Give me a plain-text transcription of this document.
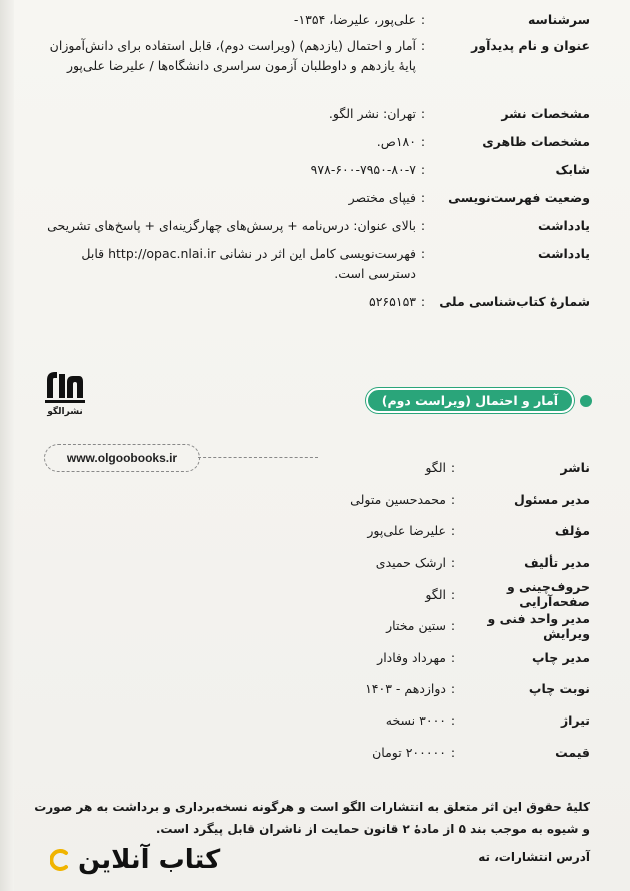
سرشناسه
:
علی‌پور، علیرضا، ۱۳۵۴-
عنوان و نام پدیدآور
:
آمار و احتمال (یازدهم) (ویراست دوم)، قابل استفاده برای دانش‌آموزان پایهٔ یازدهم و داوطلبان آزمون سراسری دانشگاه‌ها / علیرضا علی‌پور
مشخصات نشر
:
تهران: نشر الگو.
مشخصات ظاهری
:
۱۸۰ص.
شابک
:
۹۷۸-۶۰۰-۷۹۵۰-۸۰-۷
وضعیت فهرست‌نویسی
:
فیپای مختصر
یادداشت
:
بالای عنوان: درس‌نامه + پرسش‌های چهارگزینه‌ای + پاسخ‌های تشریحی
یادداشت
:
فهرست‌نویسی کامل این اثر در نشانی http://opac.nlai.ir قابل دسترسی است.
شمارهٔ کتاب‌شناسی ملی
:
۵۲۶۵۱۵۳
نشرالگو
آمار و احتمال (ویراست دوم)
www.olgoobooks.ir
ناشر
:
الگو
مدیر مسئول
:
محمدحسین متولی
مؤلف
:
علیرضا علی‌پور
مدیر تألیف
:
ارشک حمیدی
حروف‌چینی و صفحه‌آرایی
:
الگو
مدیر واحد فنی و ویرایش
:
ستین مختار
مدیر چاپ
:
مهرداد وفادار
نوبت چاپ
:
دوازدهم - ۱۴۰۳
تیراژ
:
۳۰۰۰ نسخه
قیمت
:
۲۰۰۰۰۰ تومان
کلیهٔ حقوق این اثر متعلق به انتشارات الگو است و هرگونه نسخه‌برداری و برداشت به هر صورت و شیوه به موجب بند ۵ از مادهٔ ۲ قانون حمایت از ناشران قابل پیگرد است.
آدرس انتشارات، ته
کتاب آنلاین
